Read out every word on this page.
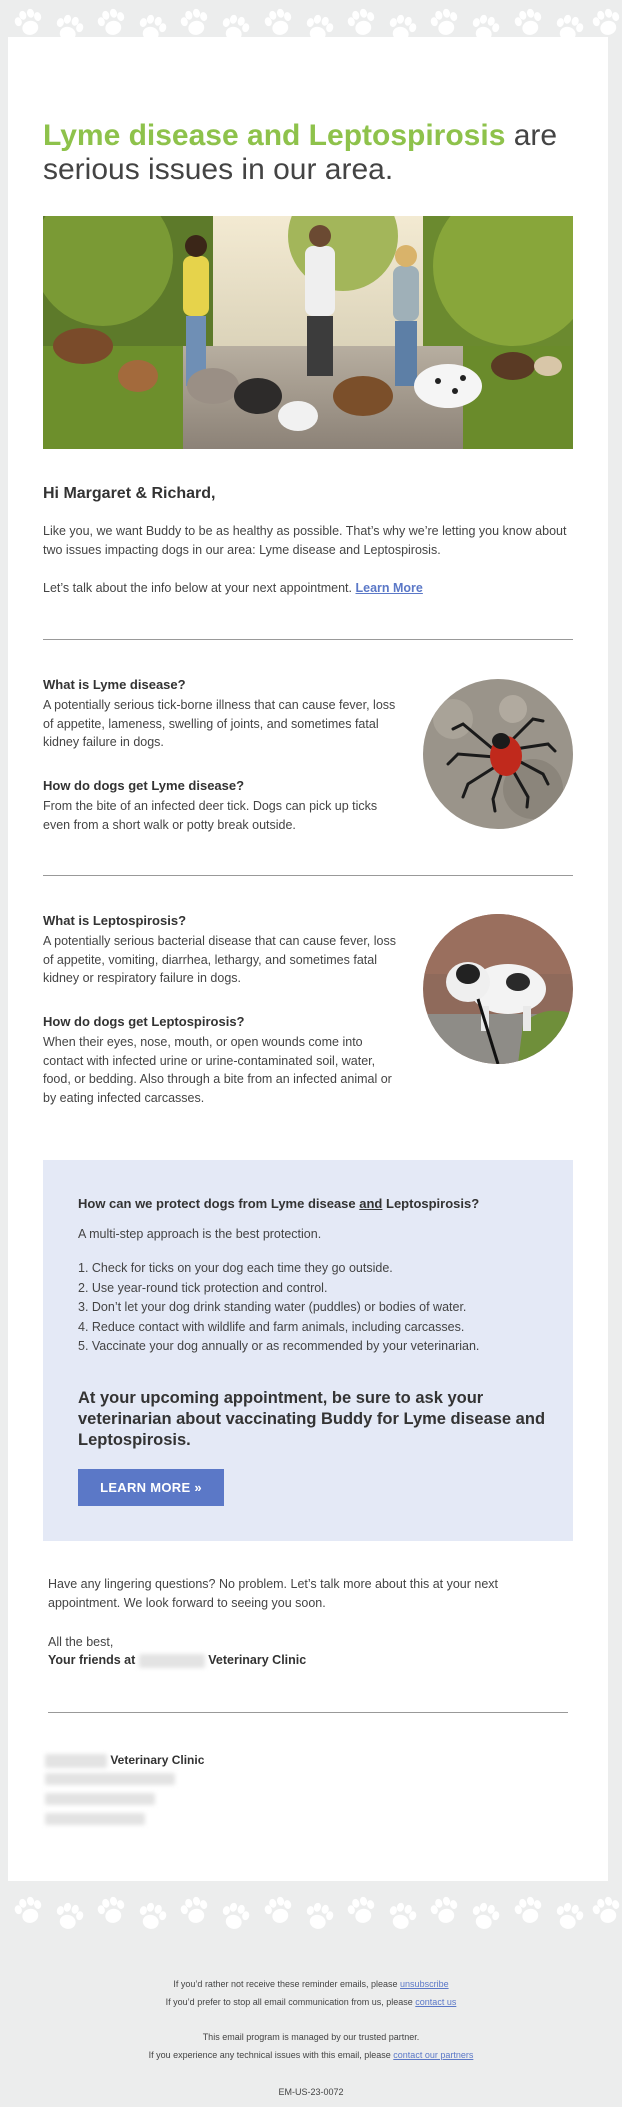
Lyme disease and Leptospirosis are serious issues in our area.
Hi Margaret & Richard,

Like you, we want Buddy to be as healthy as possible. That’s why we’re letting you know about two issues impacting dogs in our area: Lyme disease and Leptospirosis.

Let’s talk about the info below at your next appointment. Learn More

What is Lyme disease?
A potentially serious tick-borne illness that can cause fever, loss of appetite, lameness, swelling of joints, and sometimes fatal kidney failure in dogs.
How do dogs get Lyme disease?
From the bite of an infected deer tick. Dogs can pick up ticks even from a short walk or potty break outside.
What is Leptospirosis?
A potentially serious bacterial disease that can cause fever, loss of appetite, vomiting, diarrhea, lethargy, and sometimes fatal kidney or respiratory failure in dogs.
How do dogs get Leptospirosis?
When their eyes, nose, mouth, or open wounds come into contact with infected urine or urine-contaminated soil, water, food, or bedding. Also through a bite from an infected animal or by eating infected carcasses.
How can we protect dogs from Lyme disease and Leptospirosis?
A multi-step approach is the best protection.
1. Check for ticks on your dog each time they go outside.
2. Use year-round tick protection and control.
3. Don’t let your dog drink standing water (puddles) or bodies of water.
4. Reduce contact with wildlife and farm animals, including carcasses.
5. Vaccinate your dog annually or as recommended by your veterinarian.
At your upcoming appointment, be sure to ask your veterinarian about vaccinating Buddy for Lyme disease and Leptospirosis.
LEARN MORE »
Have any lingering questions? No problem. Let’s talk more about this at your next appointment. We look forward to seeing you soon.
All the best,
Your friends at	Veterinary Clinic
Veterinary Clinic
If you’d rather not receive these reminder emails, please unsubscribe
If you’d prefer to stop all email communication from us, please contact us
This email program is managed by our trusted partner.
If you experience any technical issues with this email, please contact our partners
EM-US-23-0072
